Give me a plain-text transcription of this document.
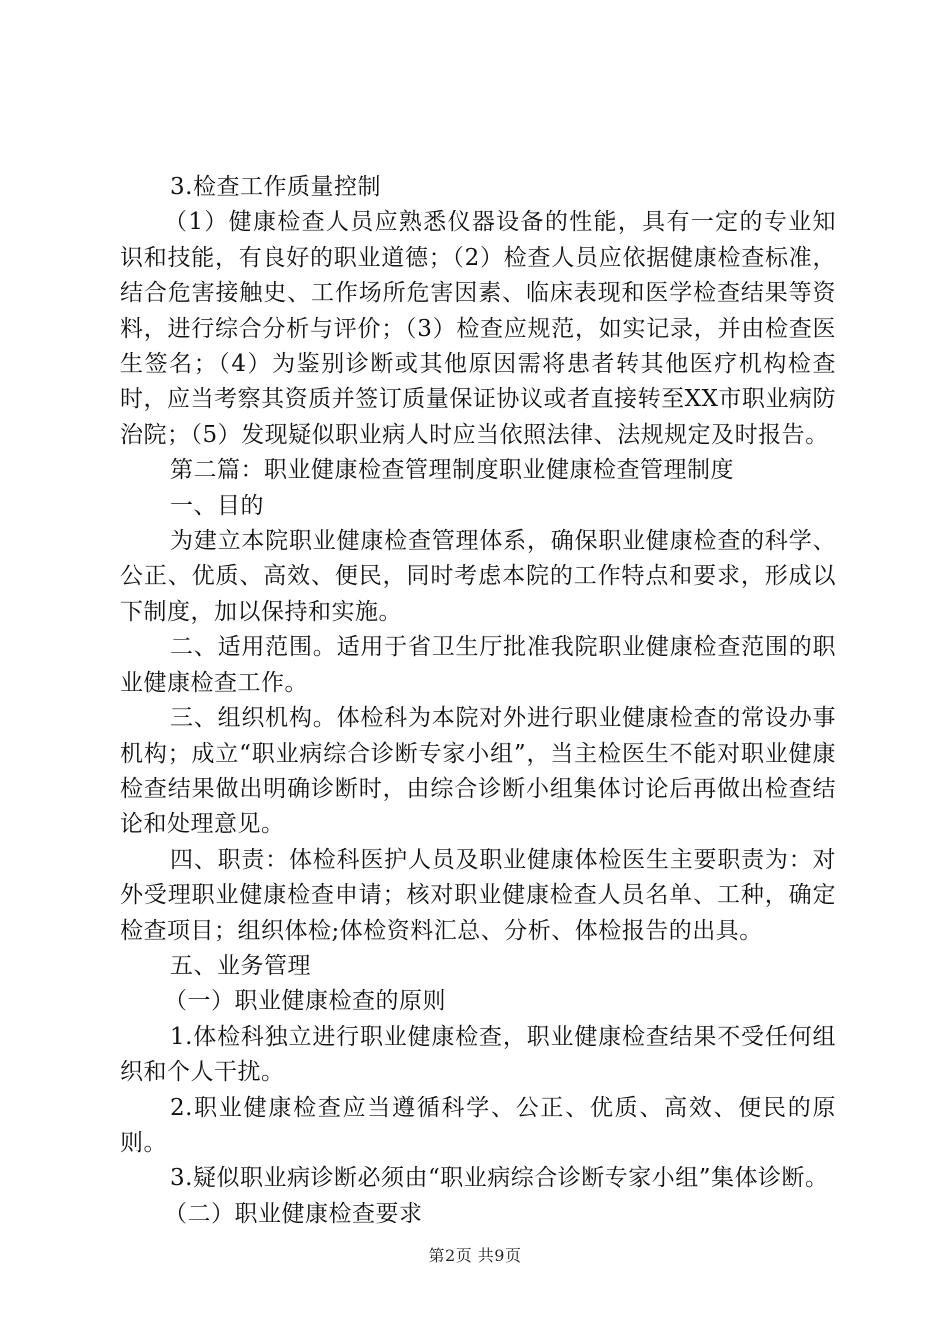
3.检查工作质量控制

（1）健康检查人员应熟悉仪器设备的性能，具有一定的专业知识和技能，有良好的职业道德；（2）检查人员应依据健康检查标准，结合危害接触史、工作场所危害因素、临床表现和医学检查结果等资料，进行综合分析与评价；（3）检查应规范，如实记录，并由检查医生签名；（4）为鉴别诊断或其他原因需将患者转其他医疗机构检查时，应当考察其资质并签订质量保证协议或者直接转至XX市职业病防治院；（5）发现疑似职业病人时应当依照法律、法规规定及时报告。

第二篇：职业健康检查管理制度职业健康检查管理制度

一、目的

为建立本院职业健康检查管理体系，确保职业健康检查的科学、公正、优质、高效、便民，同时考虑本院的工作特点和要求，形成以下制度，加以保持和实施。

二、适用范围。适用于省卫生厅批准我院职业健康检查范围的职业健康检查工作。

三、组织机构。体检科为本院对外进行职业健康检查的常设办事机构；成立“职业病综合诊断专家小组”，当主检医生不能对职业健康检查结果做出明确诊断时，由综合诊断小组集体讨论后再做出检查结论和处理意见。

四、职责：体检科医护人员及职业健康体检医生主要职责为：对外受理职业健康检查申请；核对职业健康检查人员名单、工种，确定检查项目；组织体检;体检资料汇总、分析、体检报告的出具。

五、业务管理

（一）职业健康检查的原则

1.体检科独立进行职业健康检查，职业健康检查结果不受任何组织和个人干扰。

2.职业健康检查应当遵循科学、公正、优质、高效、便民的原则。

3.疑似职业病诊断必须由“职业病综合诊断专家小组”集体诊断。

（二）职业健康检查要求

第2页 共9页
